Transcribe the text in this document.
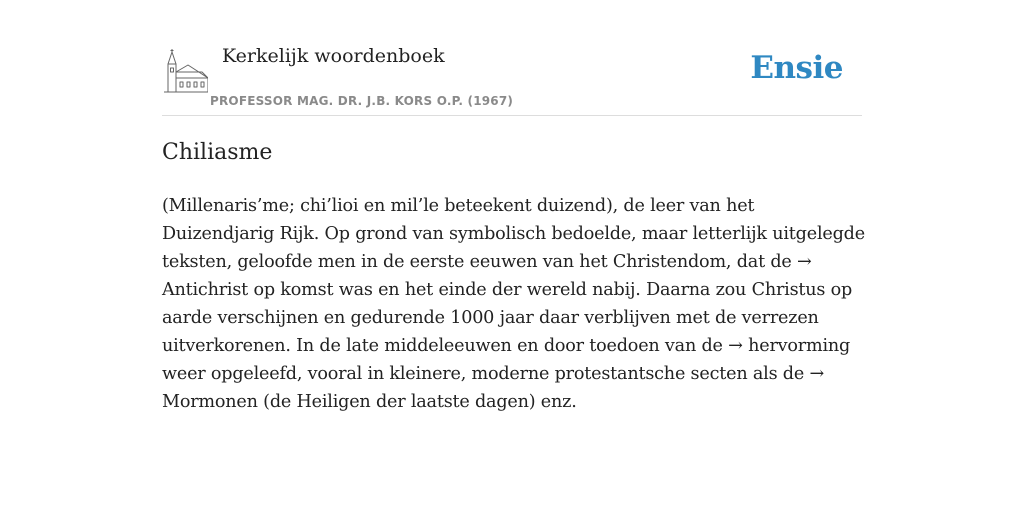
Kerkelijk woordenboek
PROFESSOR MAG. DR. J.B. KORS O.P. (1967)
Ensie
Chiliasme

(Millenaris’me; chi’lioi en mil’le beteekent duizend), de leer van het Duizendjarig Rijk. Op grond van symbolisch bedoelde, maar letterlijk uitgelegde teksten, geloofde men in de eerste eeuwen van het Christendom, dat de → Antichrist op komst was en het einde der wereld nabij. Daarna zou Christus op aarde verschijnen en gedurende 1000 jaar daar verblijven met de verrezen uitverkorenen. In de late middeleeuwen en door toedoen van de → hervorming weer opgeleefd, vooral in kleinere, moderne protestantsche secten als de → Mormonen (de Heiligen der laatste dagen) enz.
